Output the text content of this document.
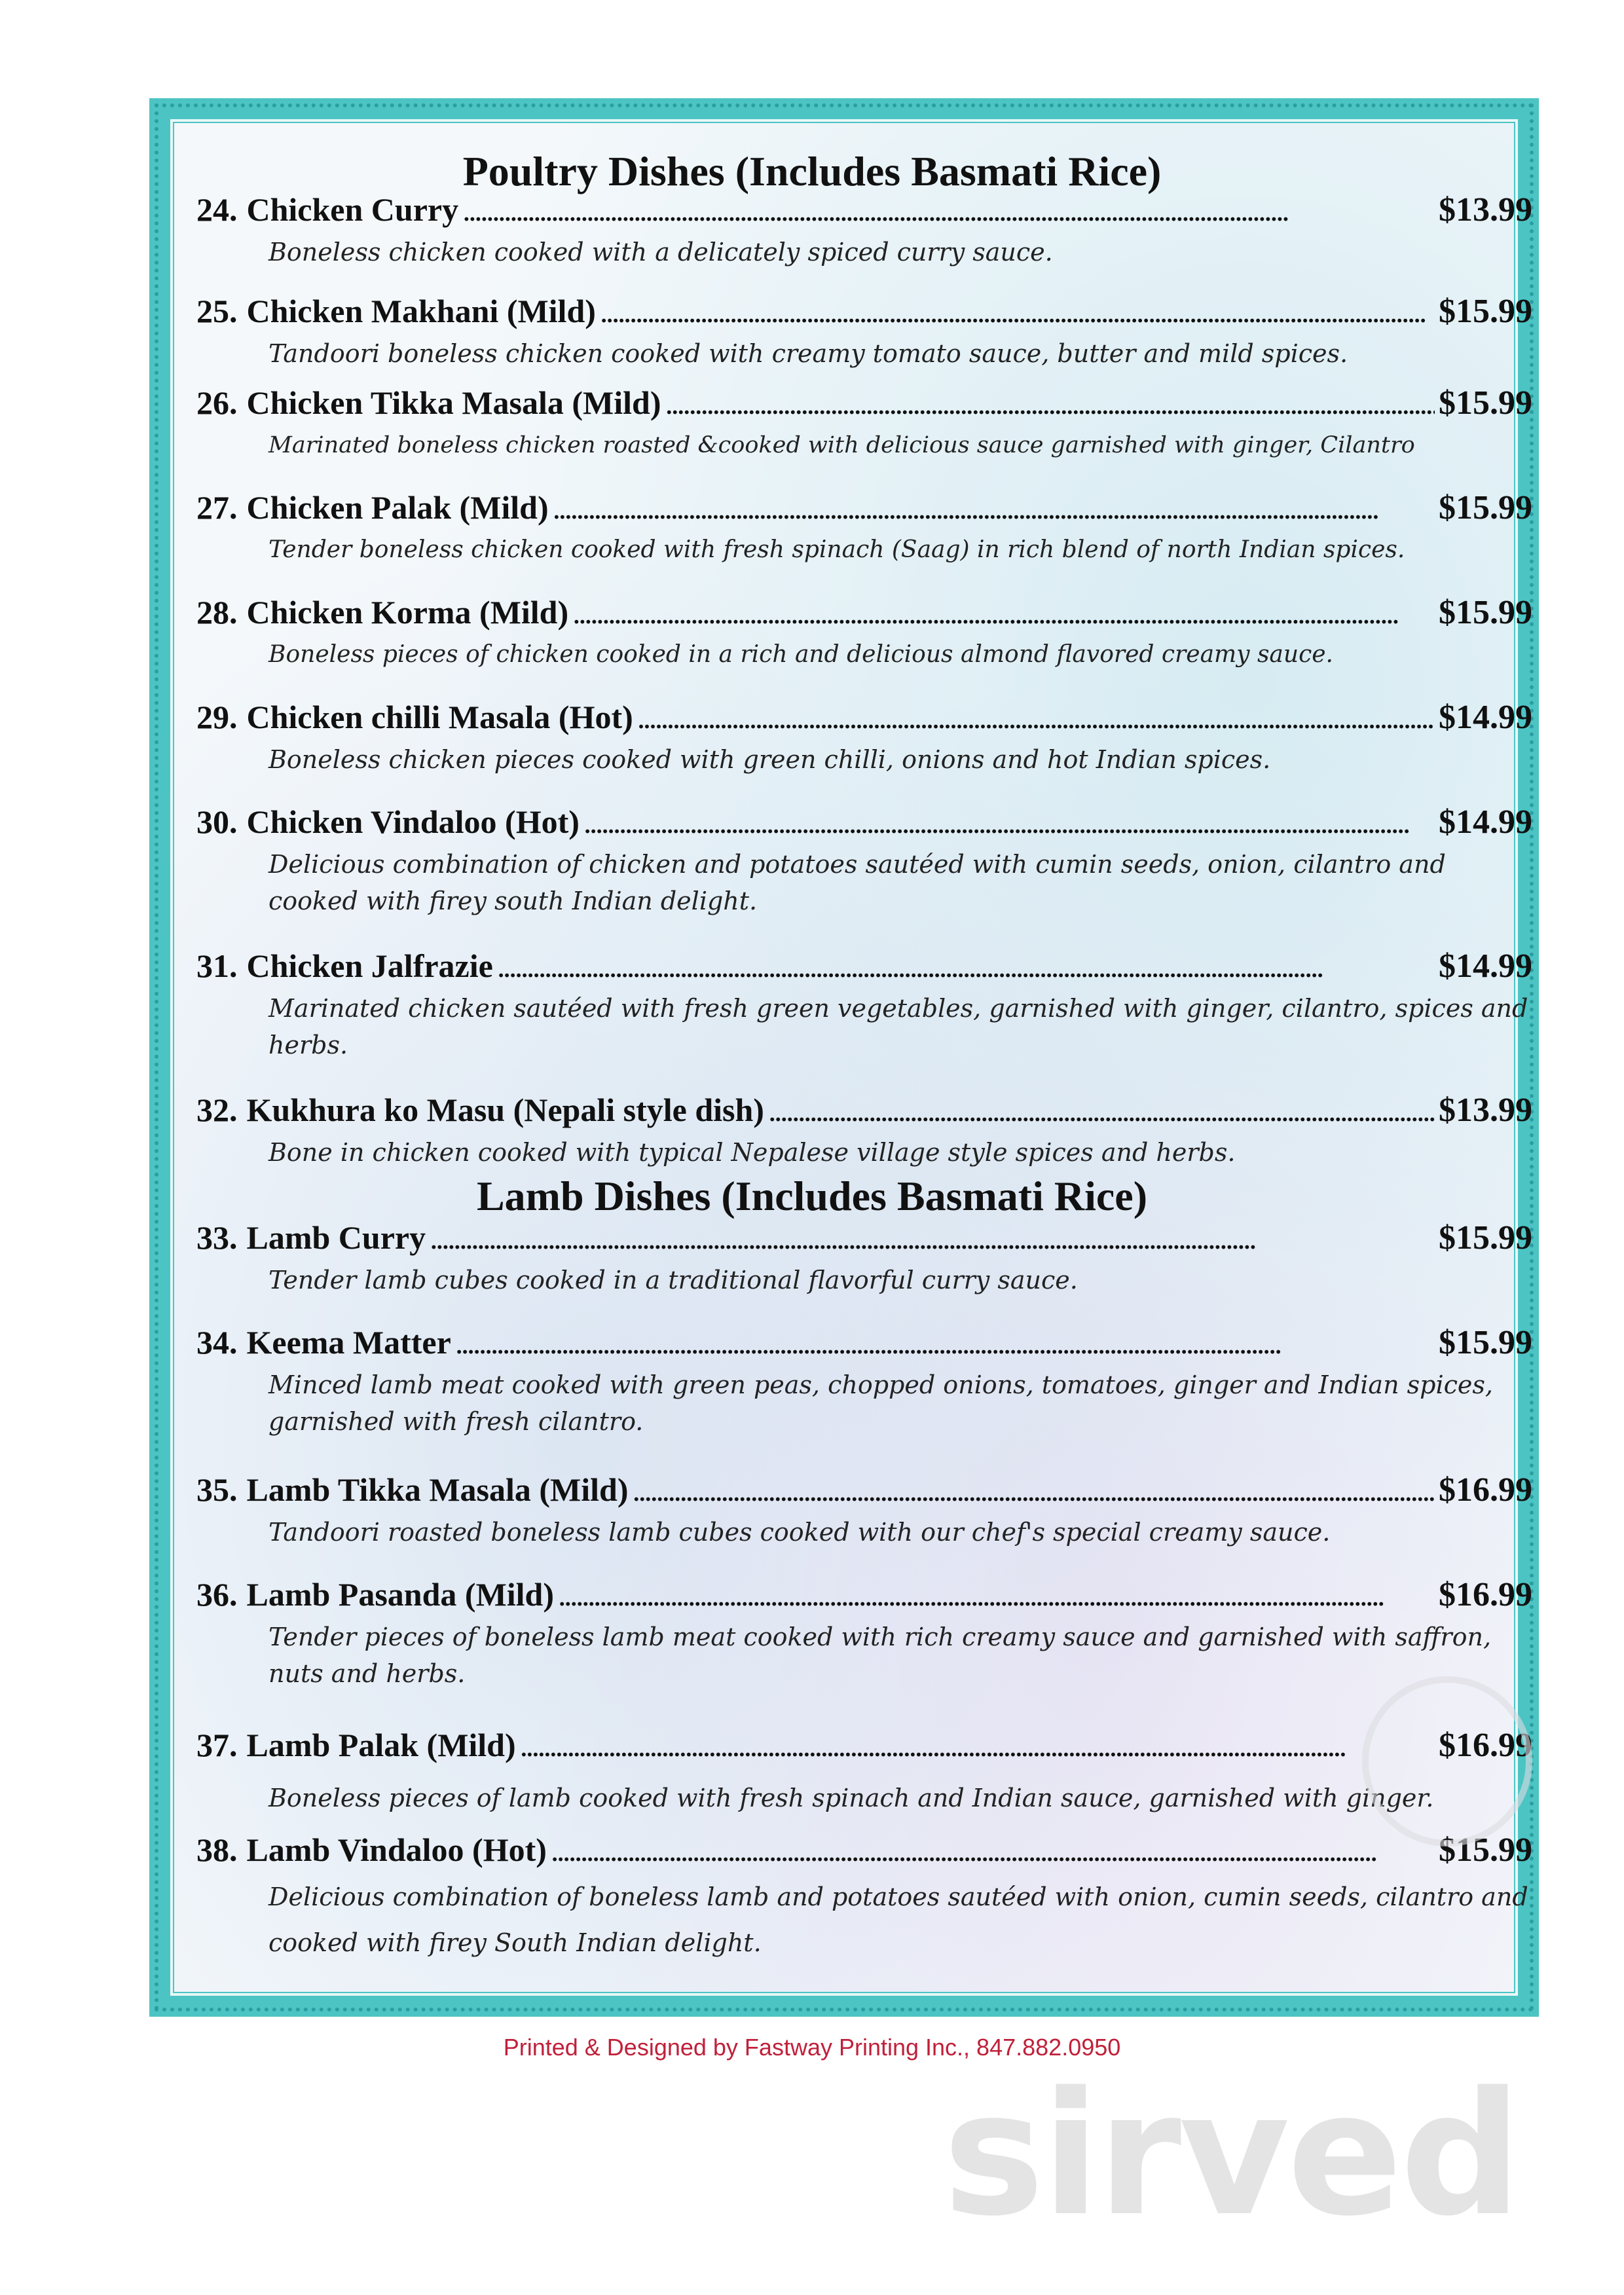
Poultry Dishes (Includes Basmati Rice)
24. Chicken Curry . . .	$13.99
Boneless chicken cooked with a delicately spiced curry sauce.
25. Chicken Makhani (Mild) . . .	$15.99
Tandoori boneless chicken cooked with creamy tomato sauce, butter and mild spices.
26. Chicken Tikka Masala (Mild) . . .	$15.99
Marinated boneless chicken roasted &cooked with delicious sauce garnished with ginger, Cilantro
27. Chicken Palak (Mild) . . .	$15.99
Tender boneless chicken cooked with fresh spinach (Saag) in rich blend of north Indian spices.
28. Chicken Korma (Mild) . . .	$15.99
Boneless pieces of chicken cooked in a rich and delicious almond flavored creamy sauce.
29. Chicken chilli Masala (Hot) . . .	$14.99
Boneless chicken pieces cooked with green chilli, onions and hot Indian spices.
30. Chicken Vindaloo (Hot) . . .	$14.99
Delicious combination of chicken and potatoes sautéed with cumin seeds, onion, cilantro and cooked with firey south Indian delight.
31. Chicken Jalfrazie . . .	$14.99
Marinated chicken sautéed with fresh green vegetables, garnished with ginger, cilantro, spices and herbs.
32. Kukhura ko Masu (Nepali style dish) . . .	$13.99
Bone in chicken cooked with typical Nepalese village style spices and herbs.
Lamb Dishes (Includes Basmati Rice)
33. Lamb Curry . . .	$15.99
Tender lamb cubes cooked in a traditional flavorful curry sauce.
34. Keema Matter . . .	$15.99
Minced lamb meat cooked with green peas, chopped onions, tomatoes, ginger and Indian spices, garnished with fresh cilantro.
35. Lamb Tikka Masala (Mild) . . .	$16.99
Tandoori roasted boneless lamb cubes cooked with our chef's special creamy sauce.
36. Lamb Pasanda (Mild) . . .	$16.99
Tender pieces of boneless lamb meat cooked with rich creamy sauce and garnished with saffron, nuts and herbs.
37. Lamb Palak (Mild) . . .	$16.99
Boneless pieces of lamb cooked with fresh spinach and Indian sauce, garnished with ginger.
38. Lamb Vindaloo (Hot) . . .	$15.99
Delicious combination of boneless lamb and potatoes sautéed with onion, cumin seeds, cilantro and cooked with firey South Indian delight.
Printed & Designed by Fastway Printing Inc., 847.882.0950
sirved
